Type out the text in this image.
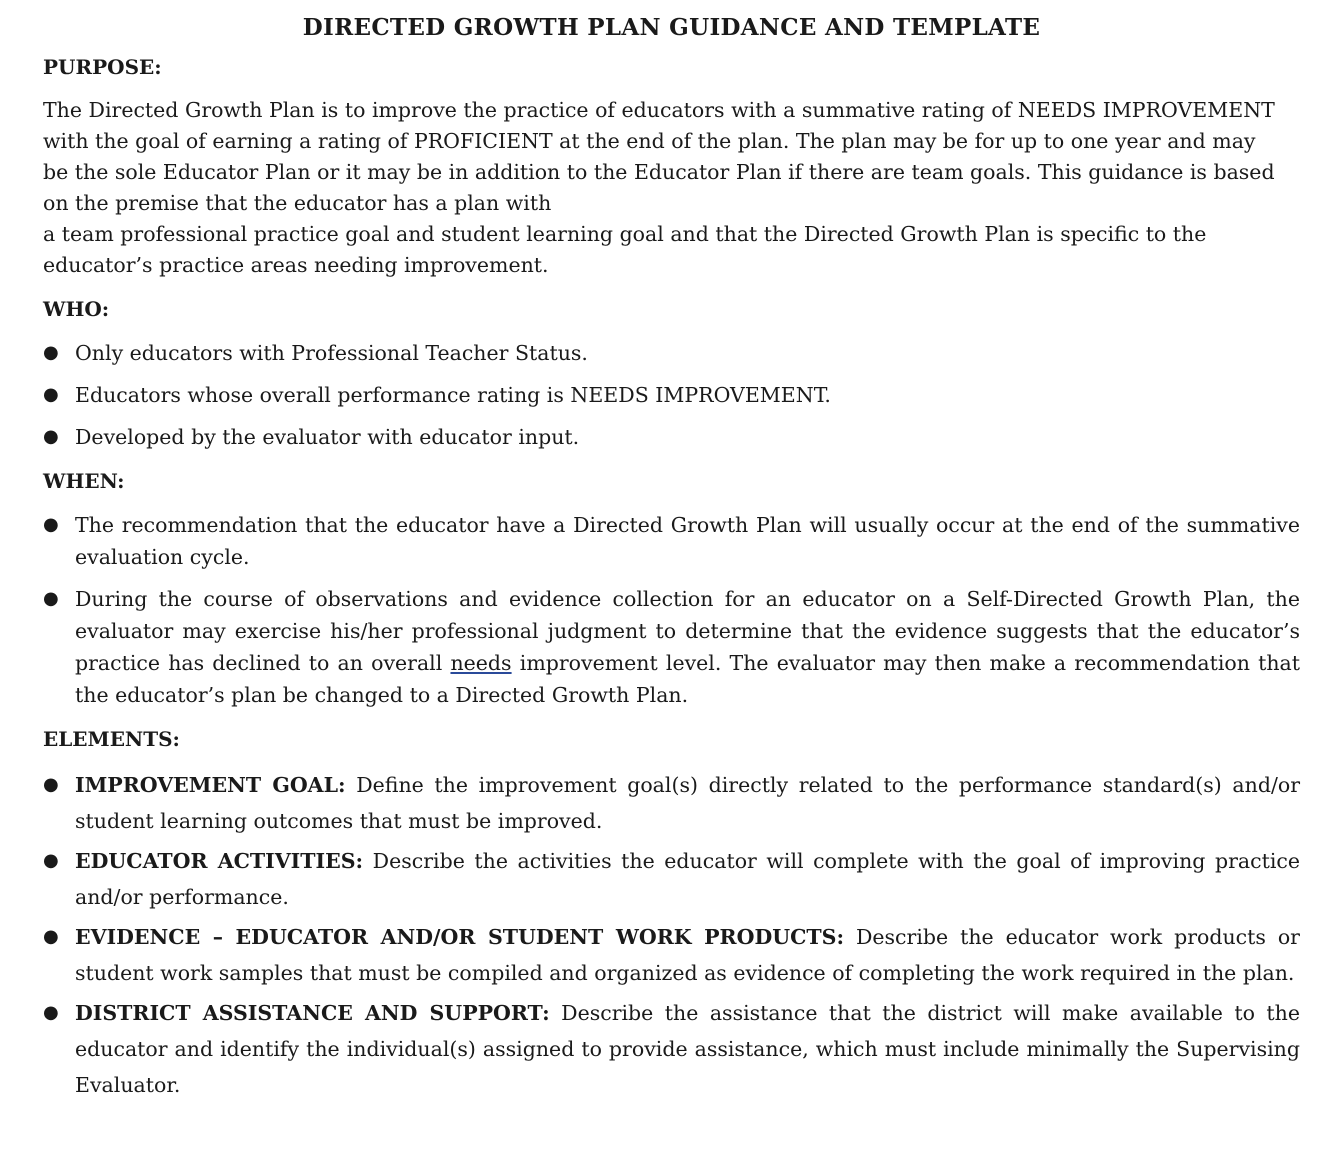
DIRECTED GROWTH PLAN GUIDANCE AND TEMPLATE
PURPOSE:
The Directed Growth Plan is to improve the practice of educators with a summative rating of NEEDS IMPROVEMENT
with the goal of earning a rating of PROFICIENT at the end of the plan. The plan may be for up to one year and may
be the sole Educator Plan or it may be in addition to the Educator Plan if there are team goals. This guidance is based
on the premise that the educator has a plan with
a team professional practice goal and student learning goal and that the Directed Growth Plan is specific to the
educator’s practice areas needing improvement.
WHO:
● Only educators with Professional Teacher Status.
● Educators whose overall performance rating is NEEDS IMPROVEMENT.
● Developed by the evaluator with educator input.
WHEN:
● The recommendation that the educator have a Directed Growth Plan will usually occur at the end of the summative evaluation cycle.
● During the course of observations and evidence collection for an educator on a Self-Directed Growth Plan, the evaluator may exercise his/her professional judgment to determine that the evidence suggests that the educator’s practice has declined to an overall needs improvement level. The evaluator may then make a recommendation that the educator’s plan be changed to a Directed Growth Plan.
ELEMENTS:
● IMPROVEMENT GOAL: Define the improvement goal(s) directly related to the performance standard(s) and/or student learning outcomes that must be improved.
● EDUCATOR ACTIVITIES: Describe the activities the educator will complete with the goal of improving practice and/or performance.
● EVIDENCE – EDUCATOR AND/OR STUDENT WORK PRODUCTS: Describe the educator work products or student work samples that must be compiled and organized as evidence of completing the work required in the plan.
● DISTRICT ASSISTANCE AND SUPPORT: Describe the assistance that the district will make available to the educator and identify the individual(s) assigned to provide assistance, which must include minimally the Supervising Evaluator.
